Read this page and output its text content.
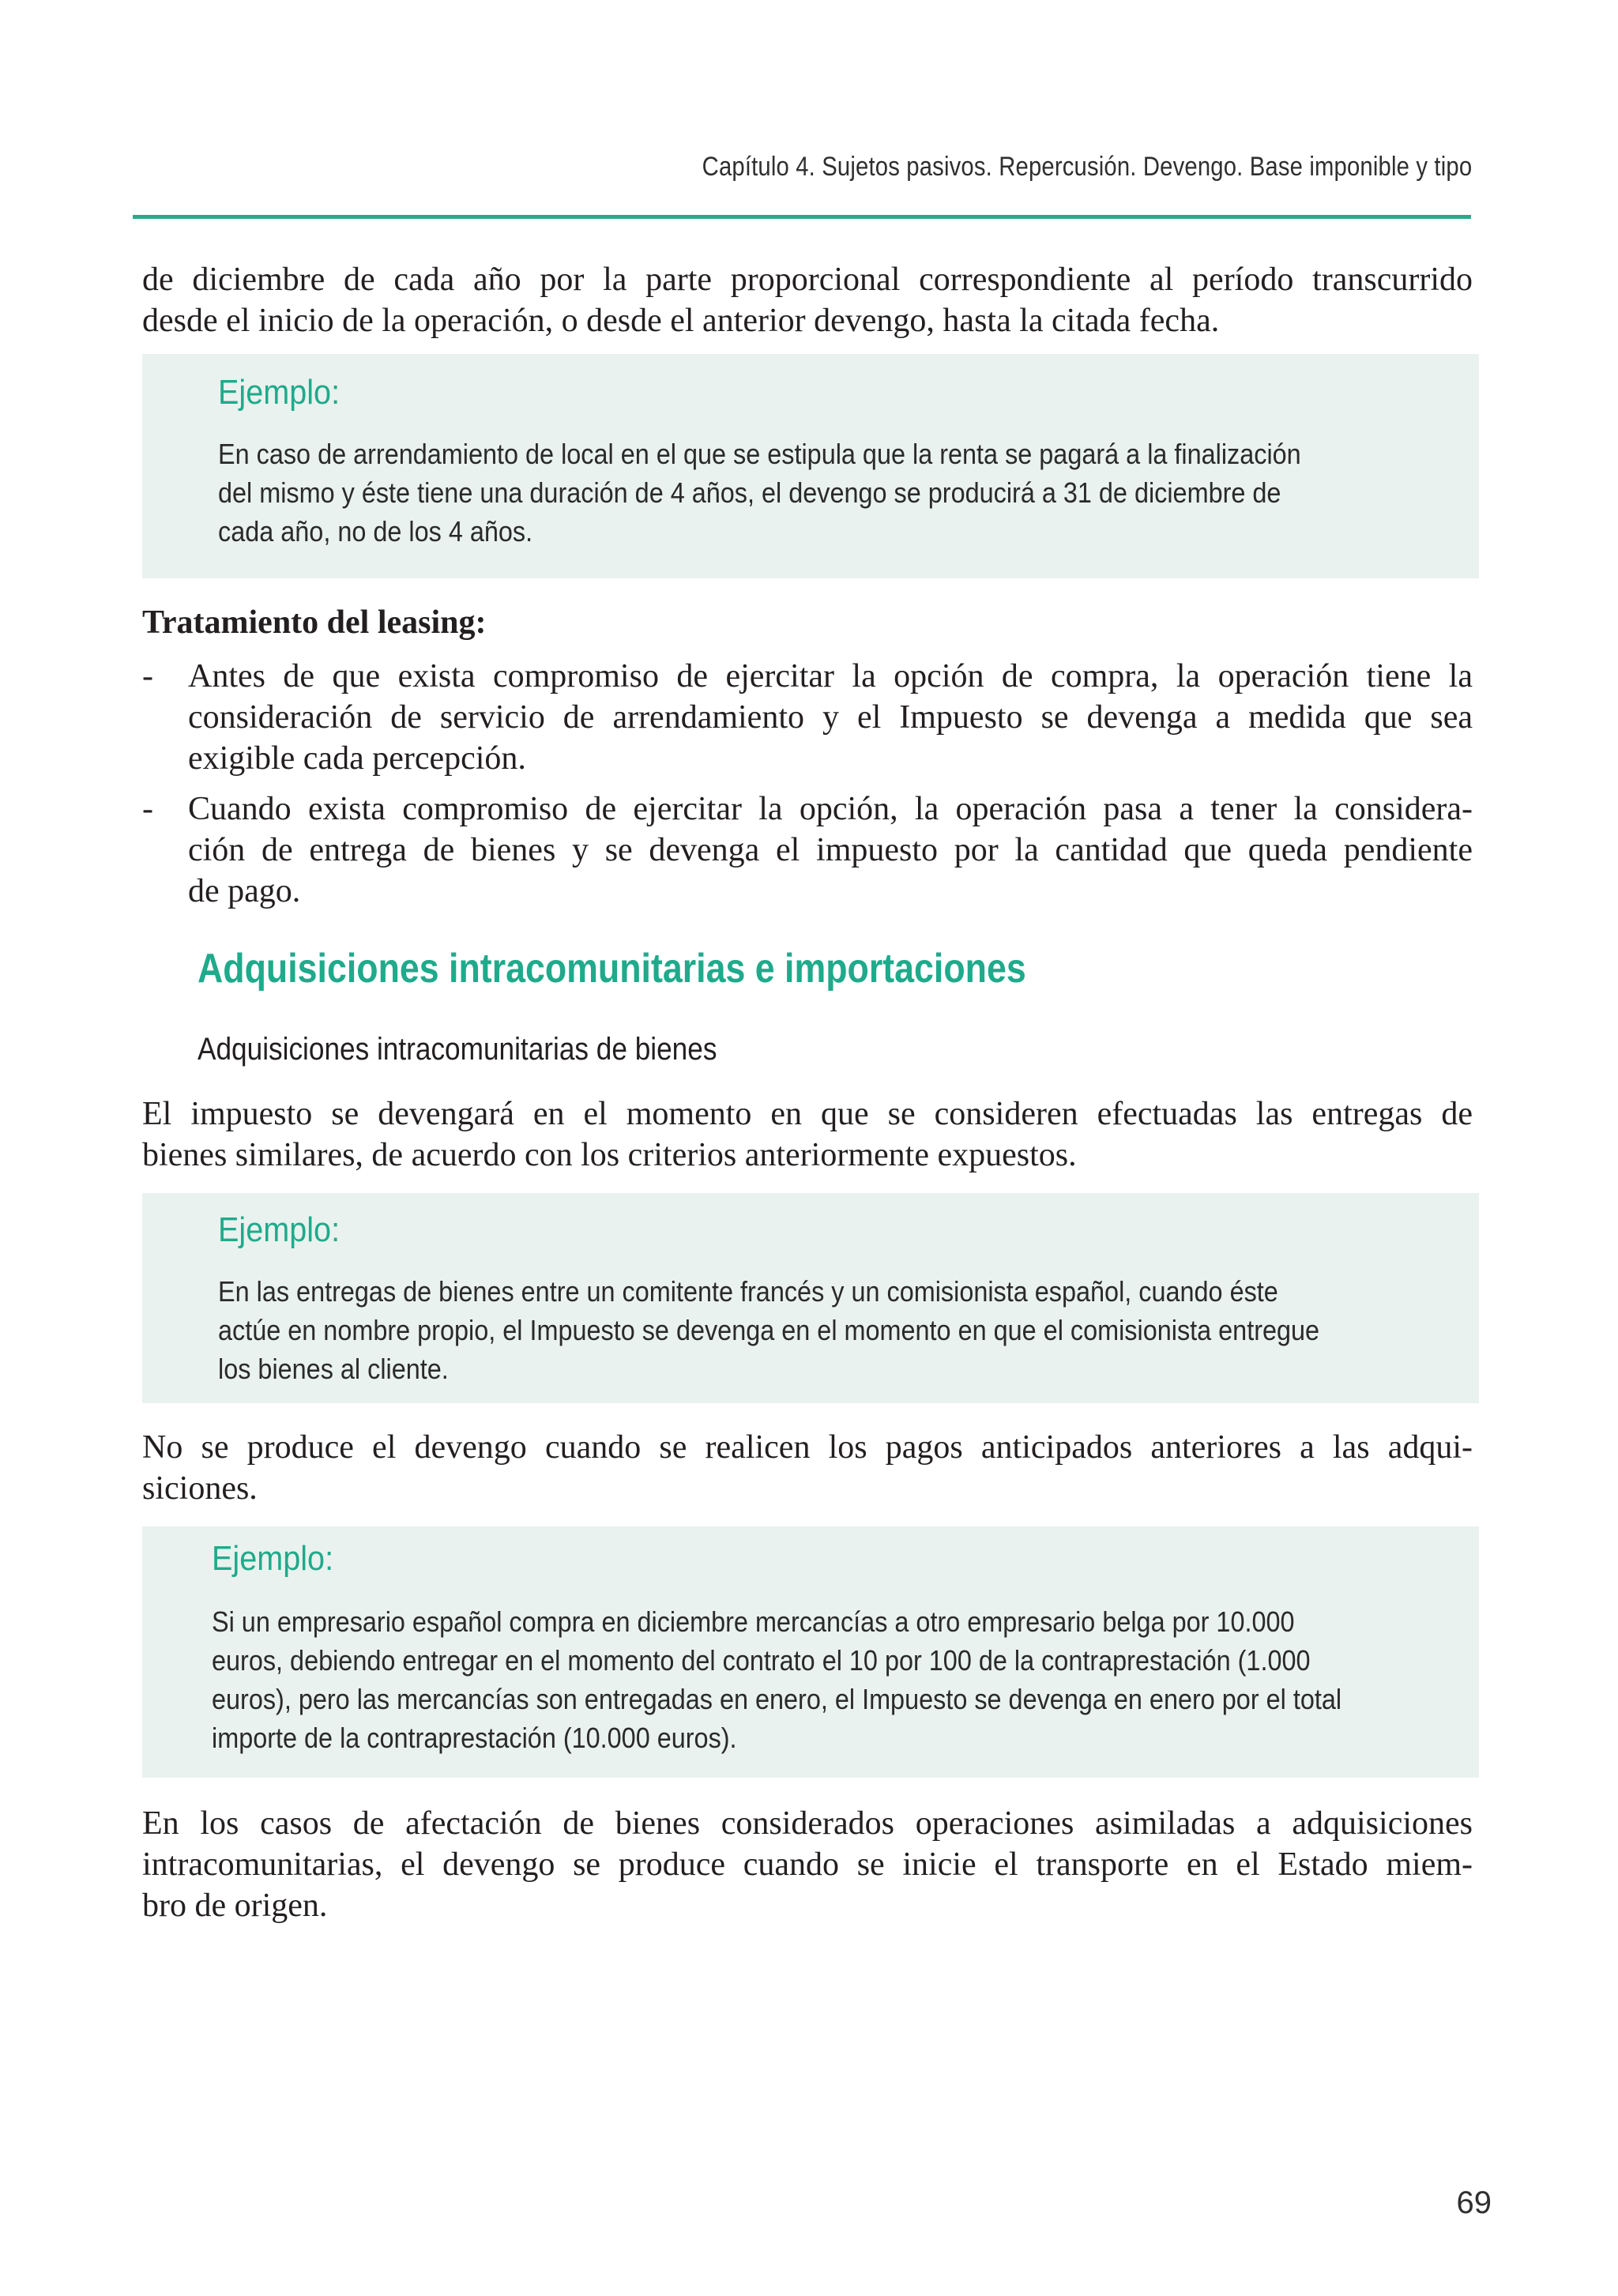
Capítulo 4. Sujetos pasivos. Repercusión. Devengo. Base imponible y tipo
de diciembre de cada año por la parte proporcional correspondiente al período transcurrido
desde el inicio de la operación, o desde el anterior devengo, hasta la citada fecha.
Ejemplo:
En caso de arrendamiento de local en el que se estipula que la renta se pagará a la finalización
del mismo y éste tiene una duración de 4 años, el devengo se producirá a 31 de diciembre de
cada año, no de los 4 años.
Tratamiento del leasing:
- Antes de que exista compromiso de ejercitar la opción de compra, la operación tiene la
consideración de servicio de arrendamiento y el Impuesto se devenga a medida que sea
exigible cada percepción.
- Cuando exista compromiso de ejercitar la opción, la operación pasa a tener la considera-
ción de entrega de bienes y se devenga el impuesto por la cantidad que queda pendiente
de pago.
Adquisiciones intracomunitarias e importaciones
Adquisiciones intracomunitarias de bienes
El impuesto se devengará en el momento en que se consideren efectuadas las entregas de
bienes similares, de acuerdo con los criterios anteriormente expuestos.
Ejemplo:
En las entregas de bienes entre un comitente francés y un comisionista español, cuando éste
actúe en nombre propio, el Impuesto se devenga en el momento en que el comisionista entregue
los bienes al cliente.
No se produce el devengo cuando se realicen los pagos anticipados anteriores a las adqui-
siciones.
Ejemplo:
Si un empresario español compra en diciembre mercancías a otro empresario belga por 10.000
euros, debiendo entregar en el momento del contrato el 10 por 100 de la contraprestación (1.000
euros), pero las mercancías son entregadas en enero, el Impuesto se devenga en enero por el total
importe de la contraprestación (10.000 euros).
En los casos de afectación de bienes considerados operaciones asimiladas a adquisiciones
intracomunitarias, el devengo se produce cuando se inicie el transporte en el Estado miem-
bro de origen.
69
